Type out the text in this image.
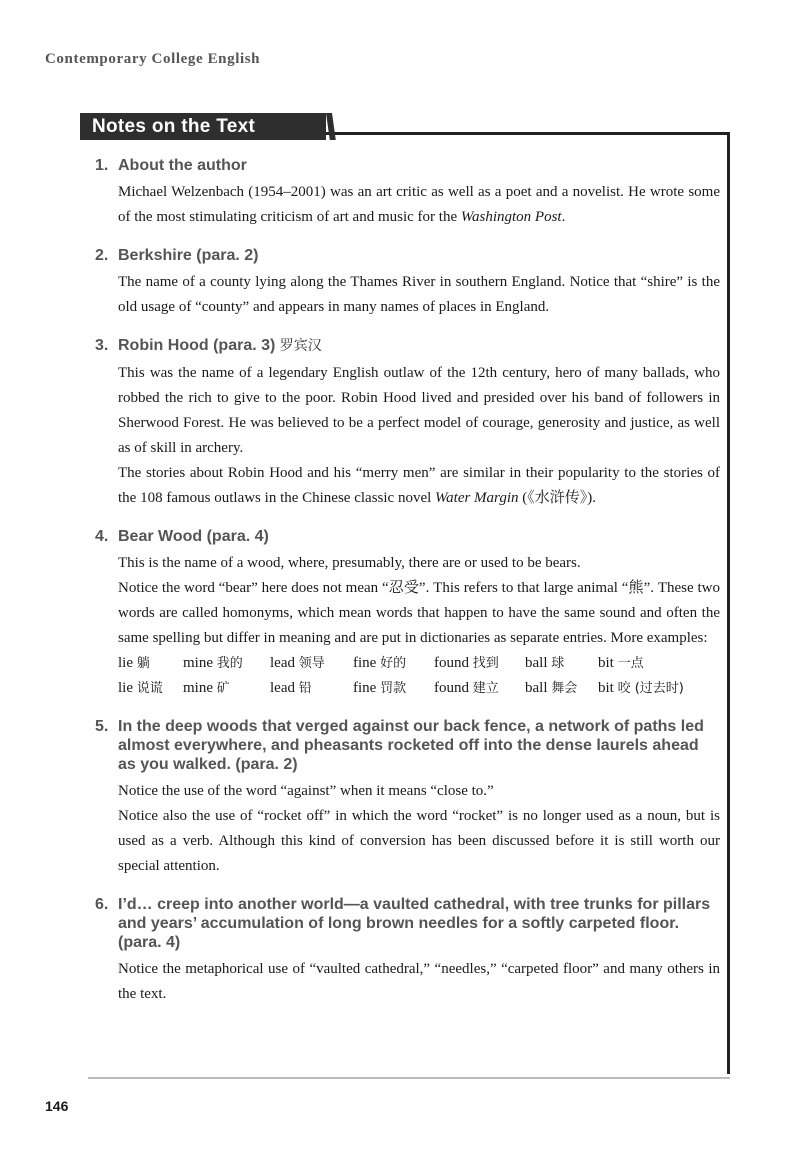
Contemporary College English
Notes on the Text
1. About the author

Michael Welzenbach (1954–2001) was an art critic as well as a poet and a novelist. He wrote some of the most stimulating criticism of art and music for the Washington Post.

2. Berkshire (para. 2)

The name of a county lying along the Thames River in southern England. Notice that “shire” is the old usage of “county” and appears in many names of places in England.

3. Robin Hood (para. 3) 罗宾汉

This was the name of a legendary English outlaw of the 12th century, hero of many ballads, who robbed the rich to give to the poor. Robin Hood lived and presided over his band of followers in Sherwood Forest. He was believed to be a perfect model of courage, generosity and justice, as well as of skill in archery.

The stories about Robin Hood and his “merry men” are similar in their popularity to the stories of the 108 famous outlaws in the Chinese classic novel Water Margin (《水浒传》).

4. Bear Wood (para. 4)

This is the name of a wood, where, presumably, there are or used to be bears.

Notice the word “bear” here does not mean “忍受”. This refers to that large animal “熊”. These two words are called homonyms, which mean words that happen to have the same sound and often the same spelling but differ in meaning and are put in dictionaries as separate entries. More examples:

lie 躺	mine 我的	lead 领导	fine 好的	found 找到	ball 球	bit 一点
lie 说谎	mine 矿	lead 铅	fine 罚款	found 建立	ball 舞会	bit 咬 (过去时)
5. In the deep woods that verged against our back fence, a network of paths led almost everywhere, and pheasants rocketed off into the dense laurels ahead as you walked. (para. 2)

Notice the use of the word “against” when it means “close to.”

Notice also the use of “rocket off” in which the word “rocket” is no longer used as a noun, but is used as a verb. Although this kind of conversion has been discussed before it is still worth our special attention.

6. I’d… creep into another world—a vaulted cathedral, with tree trunks for pillars and years’ accumulation of long brown needles for a softly carpeted floor. (para. 4)

Notice the metaphorical use of “vaulted cathedral,” “needles,” “carpeted floor” and many others in the text.

146
